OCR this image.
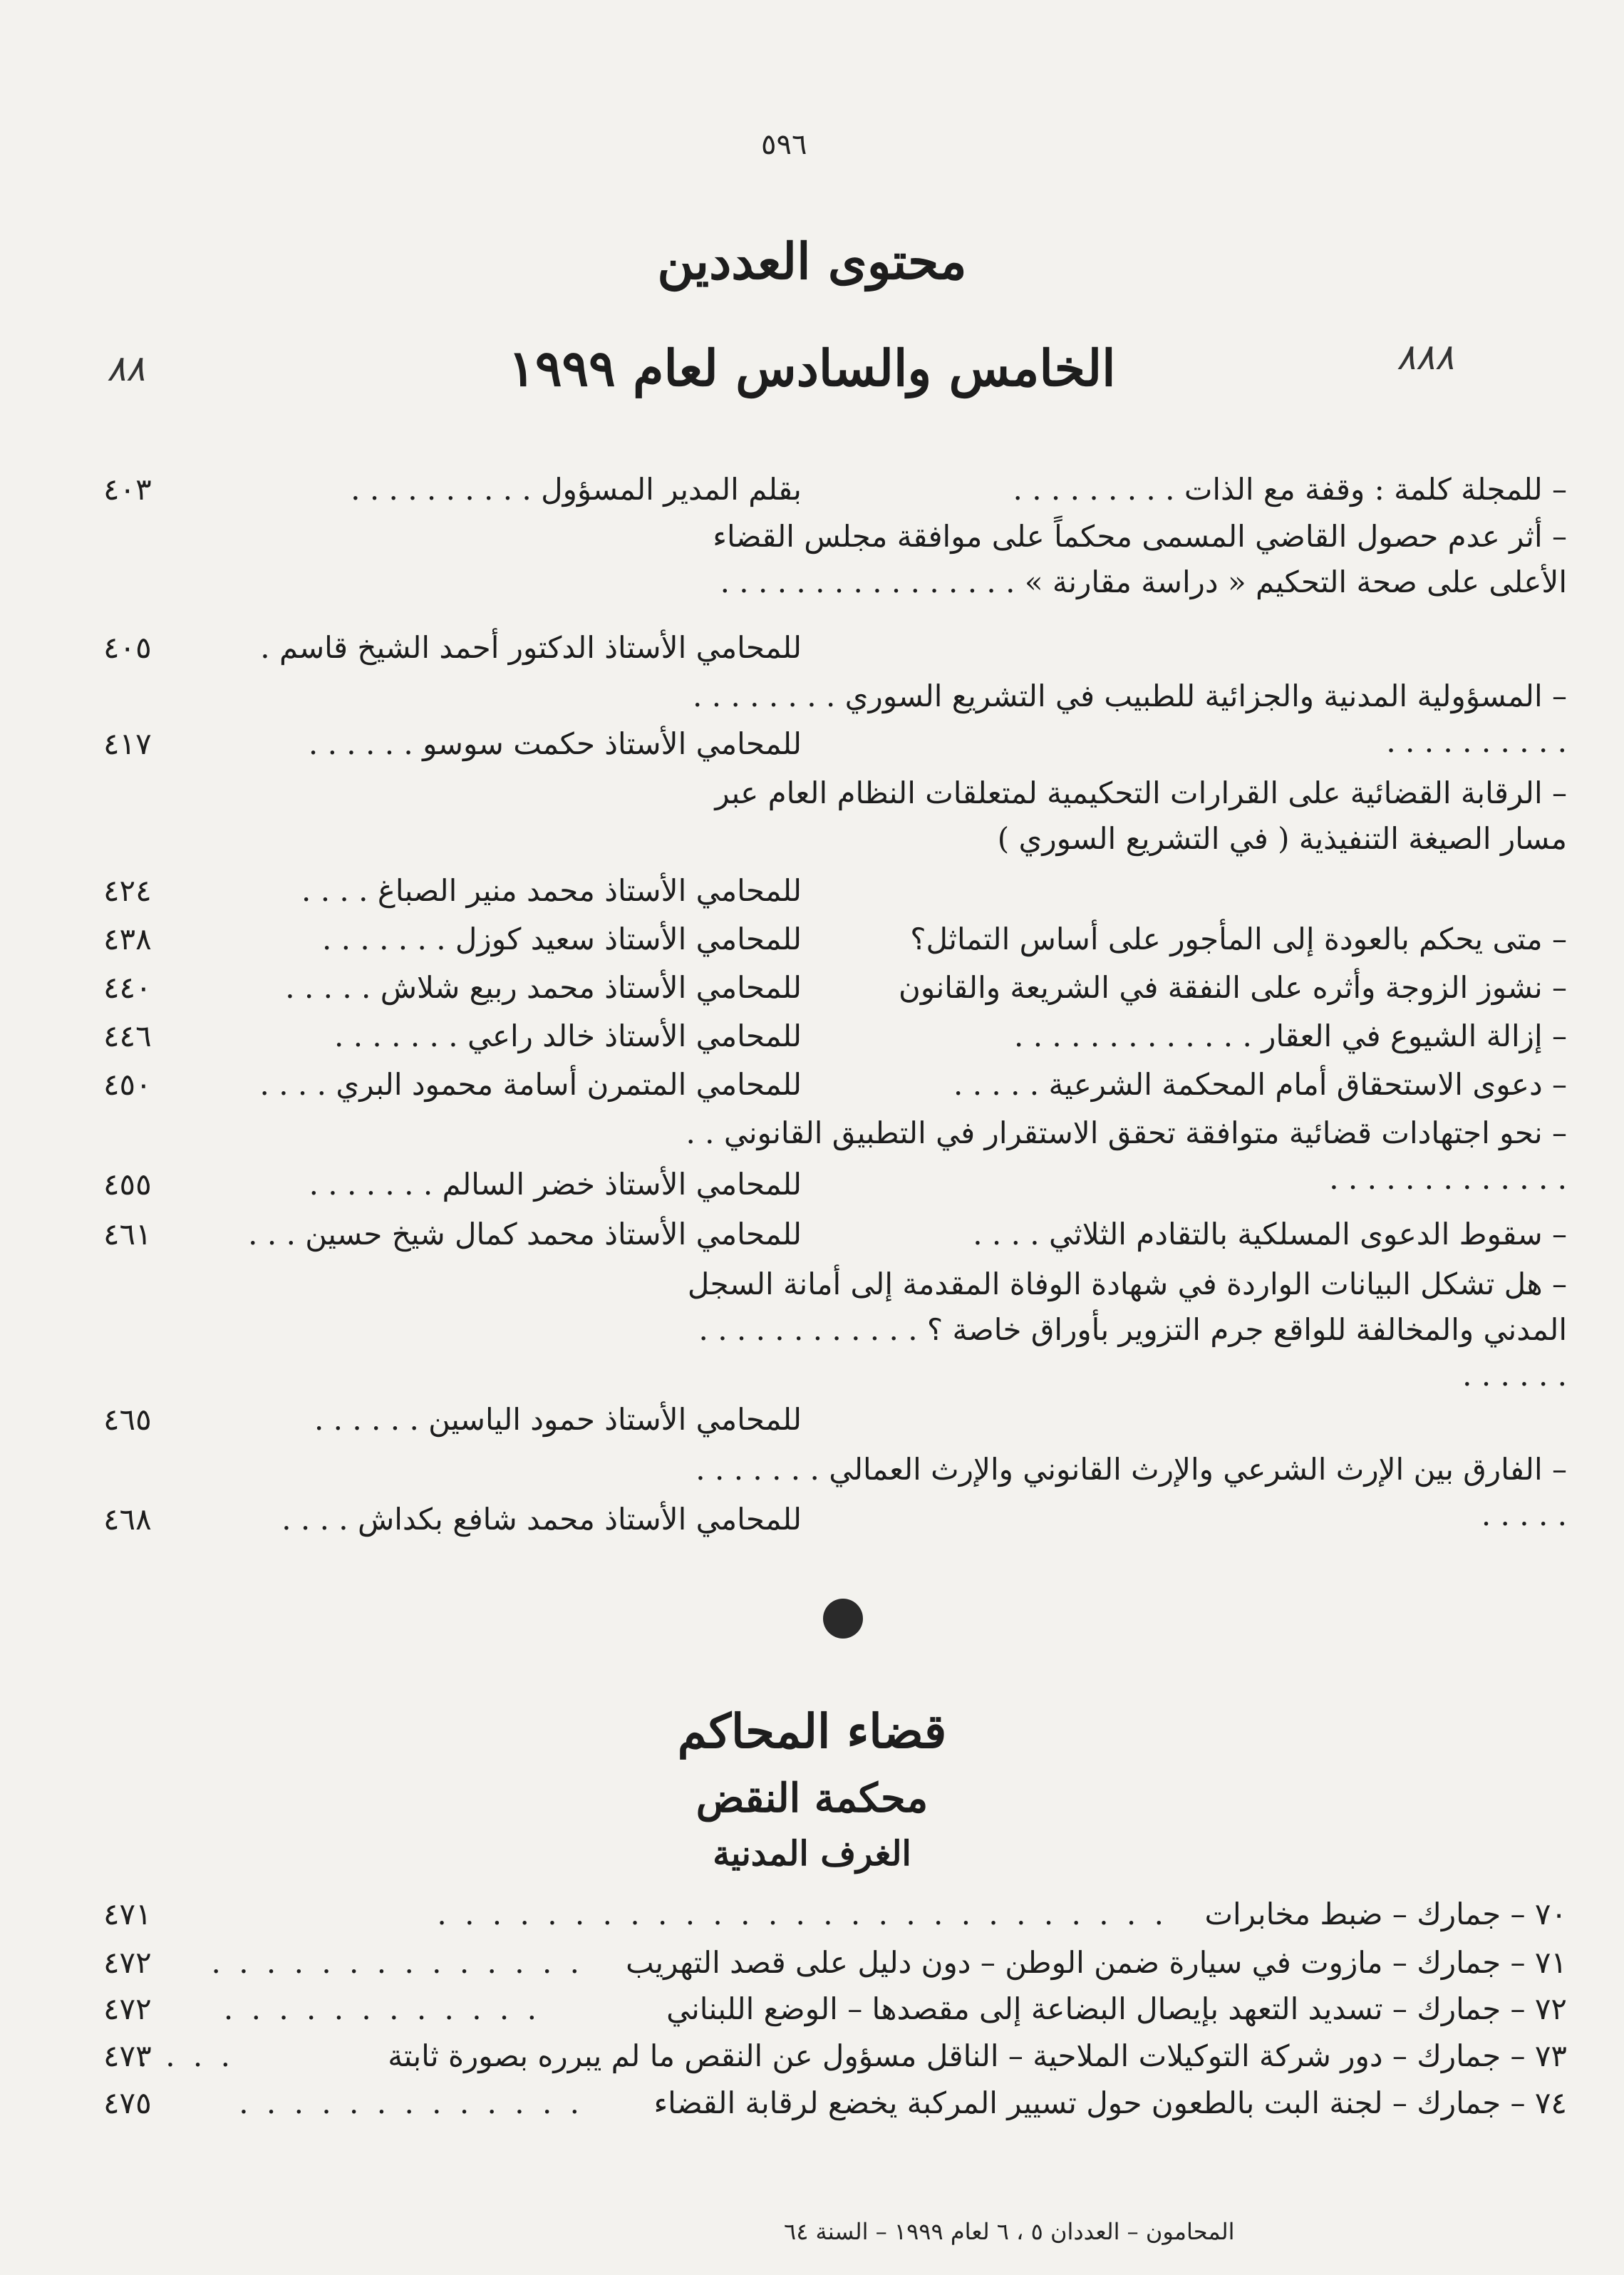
٥٩٦
محتوى العددين
الخامس والسادس لعام ١٩٩٩
٨٨	٨٨٨
– للمجلة كلمة : وقفة مع الذات . . . . . . . . .
بقلم المدير المسؤول . . . . . . . . . .
٤٠٣
– أثر عدم حصول القاضي المسمى محكماً على موافقة مجلس القضاء الأعلى على صحة التحكيم « دراسة مقارنة » . . . . . . . . . . . . . . . .
للمحامي الأستاذ الدكتور أحمد الشيخ قاسم .
٤٠٥
– المسؤولية المدنية والجزائية للطبيب في التشريع السوري . . . . . . . . . . . . . . . . . .
للمحامي الأستاذ حكمت سوسو . . . . . .
٤١٧
– الرقابة القضائية على القرارات التحكيمية لمتعلقات النظام العام عبر مسار الصيغة التنفيذية ( في التشريع السوري )
للمحامي الأستاذ محمد منير الصباغ . . . .
٤٢٤
– متى يحكم بالعودة إلى المأجور على أساس التماثل؟
للمحامي الأستاذ سعيد كوزل . . . . . . .
٤٣٨
– نشوز الزوجة وأثره على النفقة في الشريعة والقانون
للمحامي الأستاذ محمد ربيع شلاش . . . . .
٤٤٠
– إزالة الشيوع في العقار . . . . . . . . . . . . .
للمحامي الأستاذ خالد راعي . . . . . . .
٤٤٦
– دعوى الاستحقاق أمام المحكمة الشرعية . . . . .
للمحامي المتمرن أسامة محمود البري . . . .
٤٥٠
– نحو اجتهادات قضائية متوافقة تحقق الاستقرار في التطبيق القانوني . . . . . . . . . . . . . . .
للمحامي الأستاذ خضر السالم . . . . . . .
٤٥٥
– سقوط الدعوى المسلكية بالتقادم الثلاثي . . . .
للمحامي الأستاذ محمد كمال شيخ حسين . . .
٤٦١
– هل تشكل البيانات الواردة في شهادة الوفاة المقدمة إلى أمانة السجل المدني والمخالفة للواقع جرم التزوير بأوراق خاصة ؟ . . . . . . . . . . . . . . . . . .
للمحامي الأستاذ حمود الياسين . . . . . .
٤٦٥
– الفارق بين الإرث الشرعي والإرث القانوني والإرث العمالي . . . . . . . . . . . .
للمحامي الأستاذ محمد شافع بكداش . . . .
٤٦٨
قضاء المحاكم
محكمة النقض
الغرف المدنية
٧٠ – جمارك – ضبط مخابرات
. . . . . . . . . . . . . . . . . . . . . . . . . . .
٤٧١
٧١ – جمارك – مازوت في سيارة ضمن الوطن – دون دليل على قصد التهريب
. . . . . . . . . . . . . .
٤٧٢
٧٢ – جمارك – تسديد التعهد بإيصال البضاعة إلى مقصدها – الوضع اللبناني
. . . . . . . . . . . .
٤٧٢
٧٣ – جمارك – دور شركة التوكيلات الملاحية – الناقل مسؤول عن النقص ما لم يبرره بصورة ثابتة
. . . .
٤٧٣
٧٤ – جمارك – لجنة البت بالطعون حول تسيير المركبة يخضع لرقابة القضاء
. . . . . . . . . . . . .
٤٧٥
المحامون – العددان ٥ ، ٦ لعام ١٩٩٩ – السنة ٦٤
